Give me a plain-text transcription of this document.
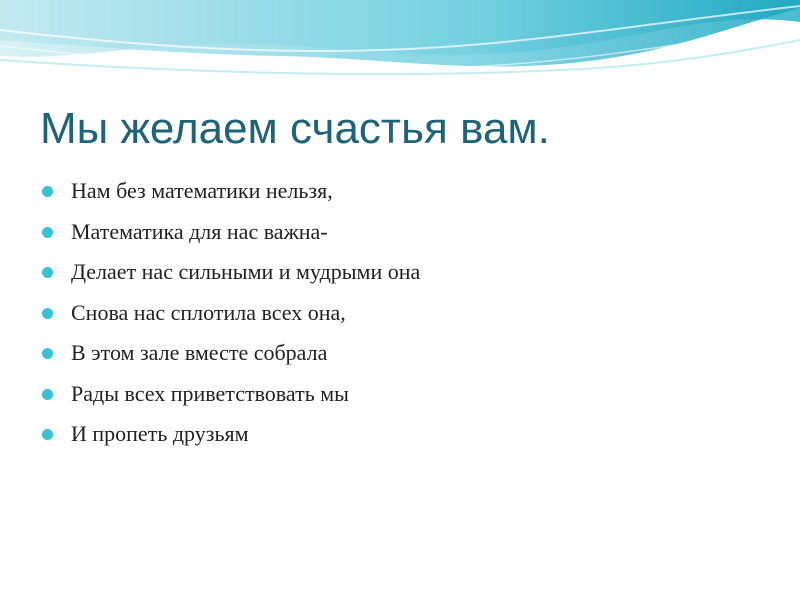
Мы желаем счастья вам.
Нам без математики нельзя,
Математика для нас важна-
Делает нас сильными и мудрыми она
Снова нас сплотила всех она,
В этом зале вместе собрала
Рады всех приветствовать мы
И пропеть друзьям
